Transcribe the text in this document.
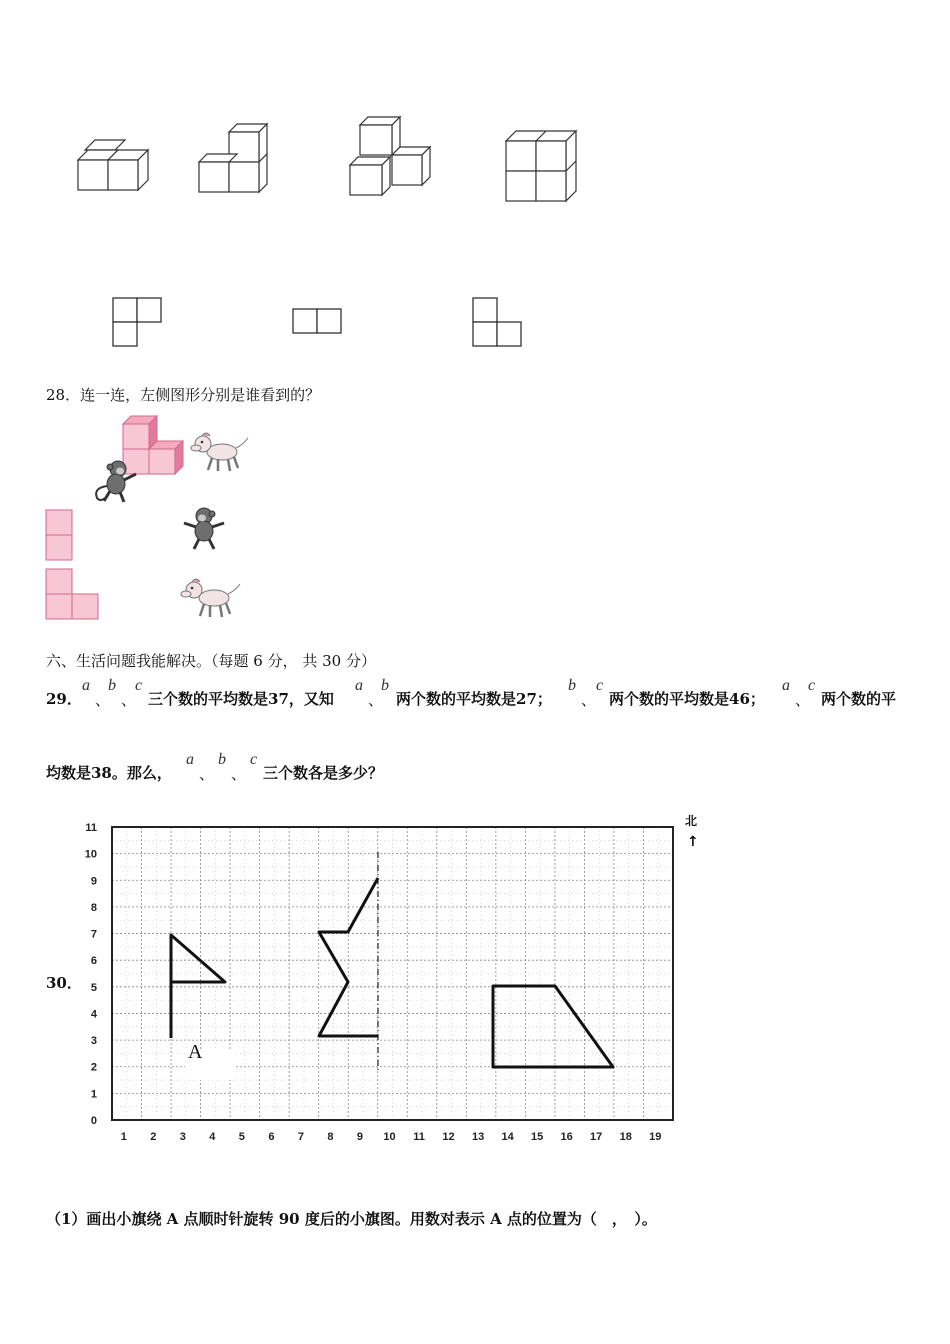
28．连一连，左侧图形分别是谁看到的？
六、生活问题我能解决。（每题 6 分， 共 30 分）
29．
a
、
b
、
c
三个数的平均数是37，又知
a
、
b
两个数的平均数是27；
b
、
c
两个数的平均数是46；
a
、
c
两个数的平
均数是38。那么，
a
、
b
、
c
三个数各是多少？
30．
A
北
↑
1 2 3 4 5 6 7 8 9 10 11 12 13 14 15 16 17 18 19
0
1
2
3
4
5
6
7
8
9
10
11
（1）画出小旗绕 A 点顺时针旋转 90 度后的小旗图。用数对表示 A 点的位置为（　，　）。
